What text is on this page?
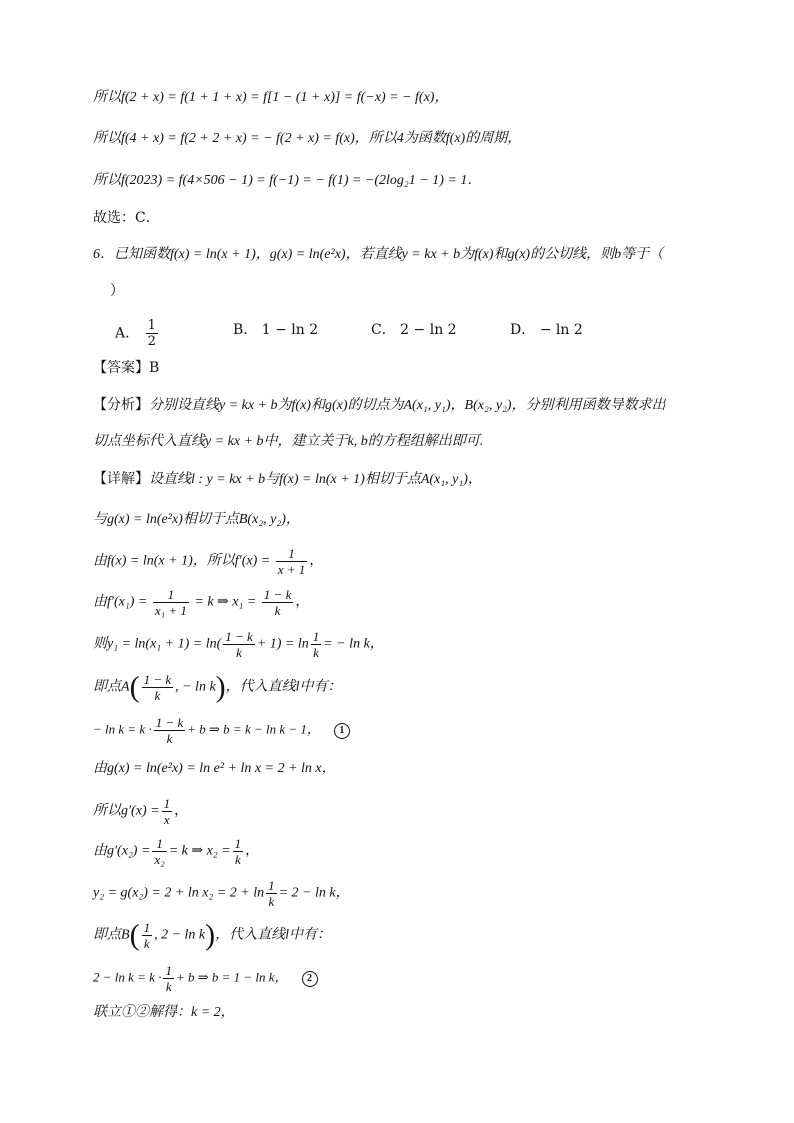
所以f(2 + x) = f(1 + 1 + x) = f[1 − (1 + x)] = f(−x) = − f(x)，
所以f(4 + x) = f(2 + 2 + x) = − f(2 + x) = f(x)，所以4为函数f(x)的周期，
所以f(2023) = f(4×506 − 1) = f(−1) = − f(1) = −(2log₂1 − 1) = 1．
故选：C．
6．已知函数f(x) = ln(x + 1)，g(x) = ln(e²x)，若直线y = kx + b为f(x)和g(x)的公切线，则b等于（
）
A． $\frac{1}{2}$	B． 1 − ln 2	C． 2 − ln 2	D． − ln 2
【答案】B
【分析】分别设直线y = kx + b为f(x)和g(x)的切点为A(x₁, y₁)，B(x₂, y₂)，分别利用函数导数求出
切点坐标代入直线y = kx + b中，建立关于k, b的方程组解出即可.
【详解】设直线l : y = kx + b与f(x) = ln(x + 1)相切于点A(x₁, y₁)，
与g(x) = ln(e²x)相切于点B(x₂, y₂)，
由f(x) = ln(x + 1)，所以$f'(x) = \frac{1}{x + 1}$ ，
由$f'(x_1) = \frac{1}{\text{x₁ + 1}} = k$ ⇒ $x_1 = \frac{1 - k}{k}$ ，
则$y_1 = \ln(x_1 + 1) = \ln( \frac{1 - k}{k} + 1) = \ln \frac{1}{k}$ = − ln k，
即点$A( \frac{1 - k}{k}$ , − ln k)，代入直线l中有：
− $\ln k = k \cdot \frac{1 - k}{k} + b$ ⇒ b = k − ln k − 1， 1
由g(x) = ln(e²x) = ln e² + ln x = 2 + ln x，
所以$g'(x) = \frac{1}{x}$ ，
由$g'(x_2) = \frac{1}{\text{x₂}} = k$ ⇒ $x_2 = \frac{1}{k}$ ，
$y_2 = g(x_2) = 2 + \ln x_2 = 2 + \ln \frac{1}{k} = 2 - \ln k$，
即点$B( \frac{1}{k}$ , 2 − ln k)，代入直线l中有：
$2 - \ln k = k \cdot \frac{1}{k} + b$ ⇒ b = 1 − ln k， 2
联立①②解得：k = 2，
